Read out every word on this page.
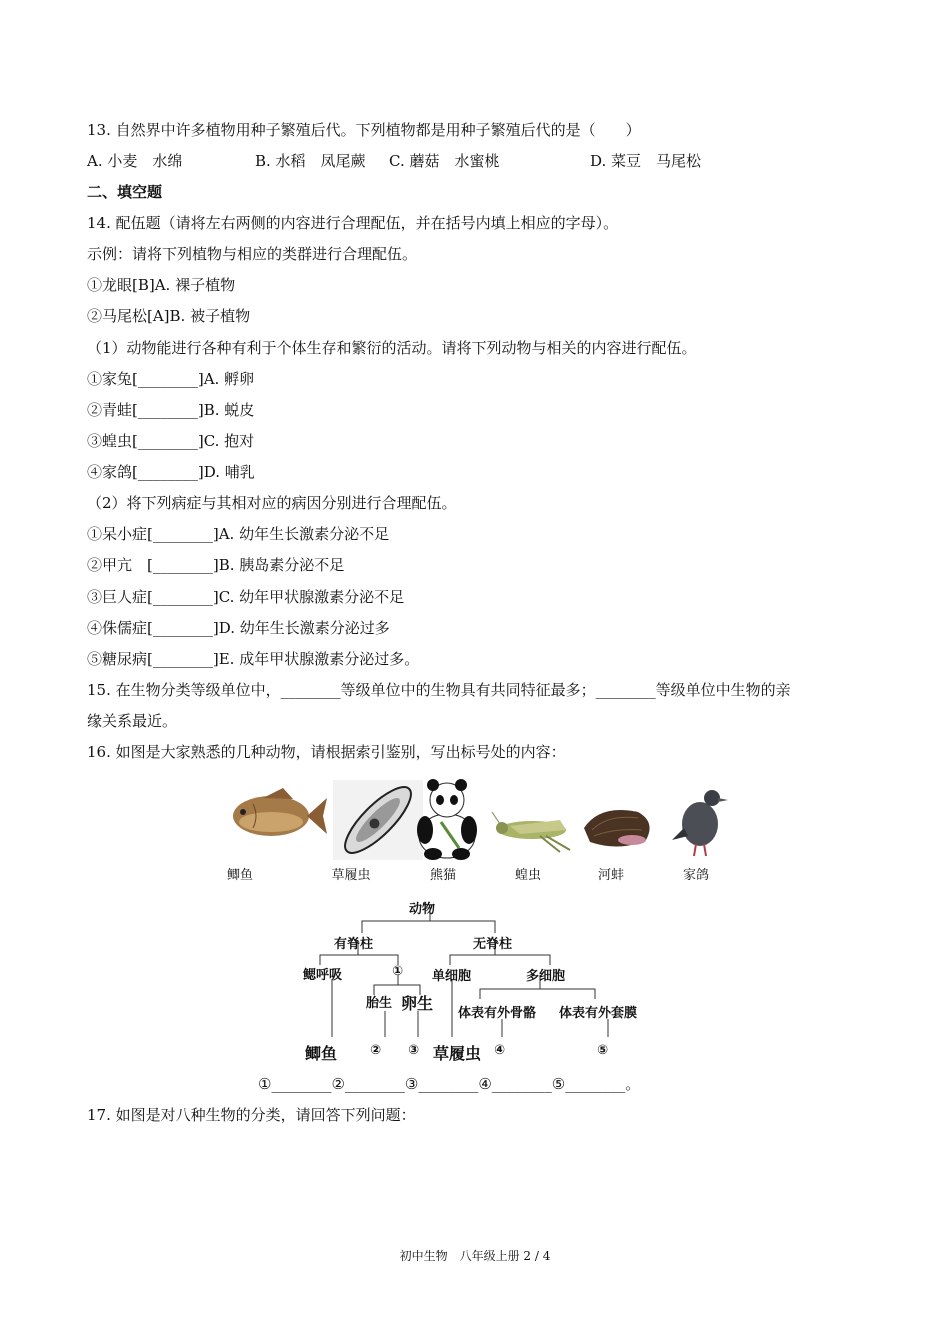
13. 自然界中许多植物用种子繁殖后代。下列植物都是用种子繁殖后代的是（　　）
A. 小麦　水绵	B. 水稻　凤尾蕨 C. 蘑菇　水蜜桃	D. 菜豆　马尾松
二、填空题
14. 配伍题（请将左右两侧的内容进行合理配伍，并在括号内填上相应的字母）。
示例：请将下列植物与相应的类群进行合理配伍。
①龙眼[B]A. 裸子植物
②马尾松[A]B. 被子植物
（1）动物能进行各种有利于个体生存和繁衍的活动。请将下列动物与相关的内容进行配伍。
①家兔[________]A. 孵卵
②青蛙[________]B. 蜕皮
③蝗虫[________]C. 抱对
④家鸽[________]D. 哺乳
（2）将下列病症与其相对应的病因分别进行合理配伍。
①呆小症[________]A. 幼年生长激素分泌不足
②甲亢　[________]B. 胰岛素分泌不足
③巨人症[________]C. 幼年甲状腺激素分泌不足
④侏儒症[________]D. 幼年生长激素分泌过多
⑤糖尿病[________]E. 成年甲状腺激素分泌过多。
15. 在生物分类等级单位中，________等级单位中的生物具有共同特征最多；________等级单位中生物的亲
缘关系最近。
16. 如图是大家熟悉的几种动物，请根据索引鉴别，写出标号处的内容：
鲫鱼	草履虫	熊猫	蝗虫	河蚌	家鸽
动物
有脊柱	无脊柱
鳃呼吸	① 单细胞	多细胞
胎生 卵生
体表有外骨骼 体表有外套膜
鲫鱼	② ③ 草履虫 ④	⑤
①________②________③________④________⑤________。
17. 如图是对八种生物的分类，请回答下列问题：
初中生物　八年级上册 2 / 4
